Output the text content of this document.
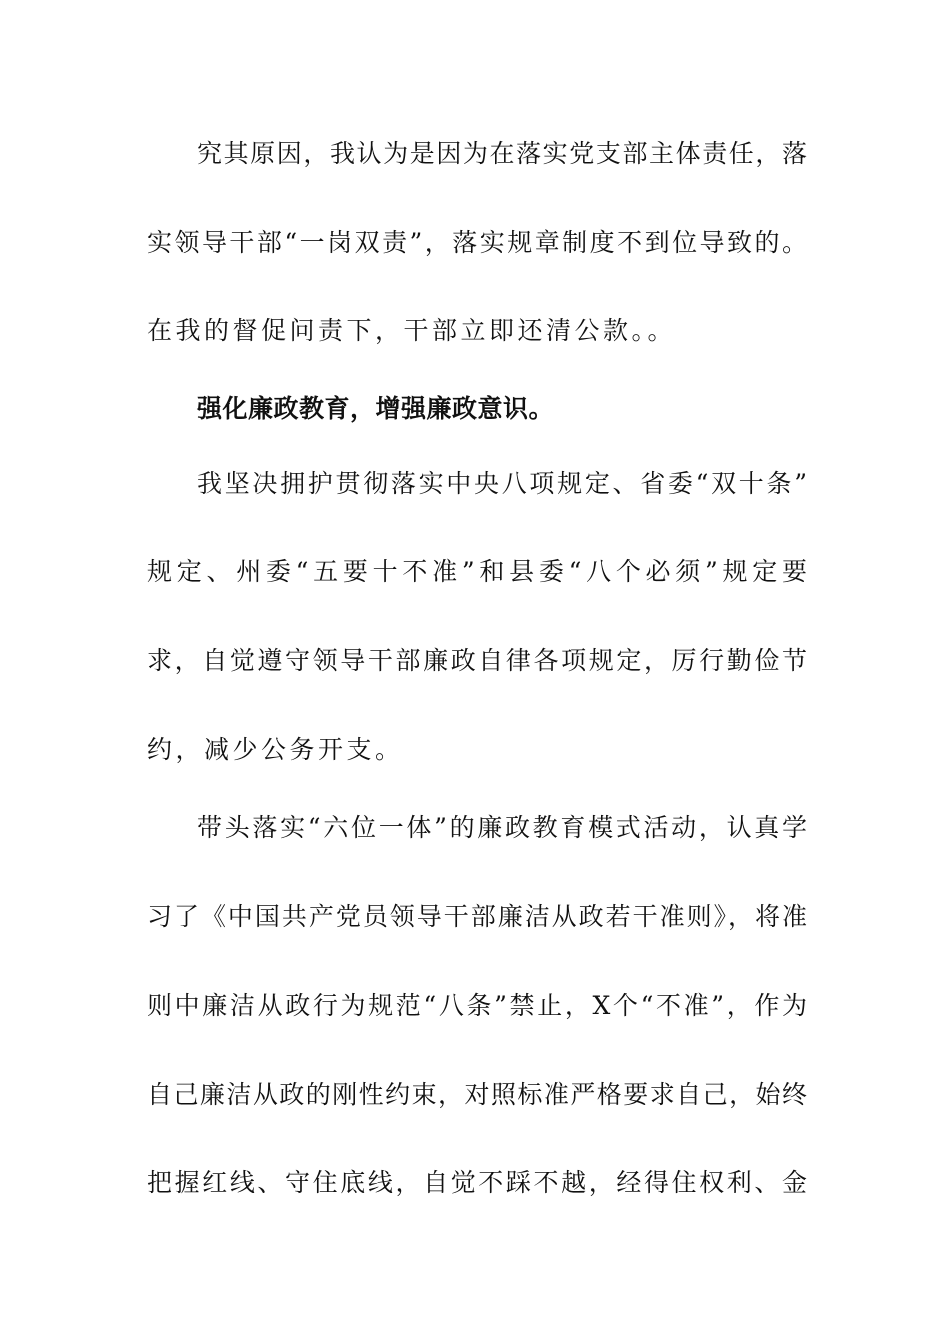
究其原因，我认为是因为在落实党支部主体责任，落
实领导干部“一岗双责”，落实规章制度不到位导致的。
在我的督促问责下，干部立即还清公款。。
强化廉政教育，增强廉政意识。
我坚决拥护贯彻落实中央八项规定、省委“双十条”
规定、州委“五要十不准”和县委“八个必须”规定要
求，自觉遵守领导干部廉政自律各项规定，厉行勤俭节
约，减少公务开支。
带头落实“六位一体”的廉政教育模式活动，认真学
习了《中国共产党员领导干部廉洁从政若干准则》，将准
则中廉洁从政行为规范“八条”禁止，X个“不准”，作为
自己廉洁从政的刚性约束，对照标准严格要求自己，始终
把握红线、守住底线，自觉不踩不越，经得住权利、金
